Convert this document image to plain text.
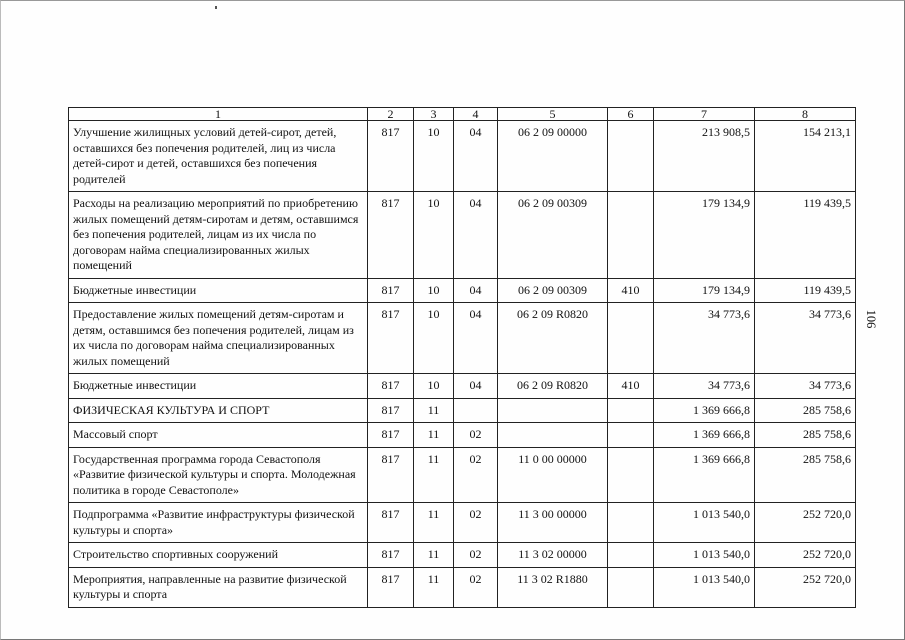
1	2	3	4	5	6	7	8
Улучшение жилищных условий детей-сирот, детей, оставшихся без попечения родителей, лиц из числа детей-сирот и детей, оставшихся без попечения родителей	817	10	04	06 2 09 00000		213 908,5	154 213,1
Расходы на реализацию мероприятий по приобретению жилых помещений детям-сиротам и детям, оставшимся без попечения родителей, лицам из их числа по договорам найма специализированных жилых помещений	817	10	04	06 2 09 00309		179 134,9	119 439,5
Бюджетные инвестиции	817	10	04	06 2 09 00309	410	179 134,9	119 439,5
Предоставление жилых помещений детям-сиротам и детям, оставшимся без попечения родителей, лицам из их числа по договорам найма специализированных жилых помещений	817	10	04	06 2 09 R0820		34 773,6	34 773,6
Бюджетные инвестиции	817	10	04	06 2 09 R0820	410	34 773,6	34 773,6
ФИЗИЧЕСКАЯ КУЛЬТУРА И СПОРТ	817	11				1 369 666,8	285 758,6
Массовый спорт	817	11	02			1 369 666,8	285 758,6
Государственная программа города Севастополя «Развитие физической культуры и спорта. Молодежная политика в городе Севастополе»	817	11	02	11 0 00 00000		1 369 666,8	285 758,6
Подпрограмма «Развитие инфраструктуры физической культуры и спорта»	817	11	02	11 3 00 00000		1 013 540,0	252 720,0
Строительство спортивных сооружений	817	11	02	11 3 02 00000		1 013 540,0	252 720,0
Мероприятия, направленные на развитие физической культуры и спорта	817	11	02	11 3 02 R1880		1 013 540,0	252 720,0
106
